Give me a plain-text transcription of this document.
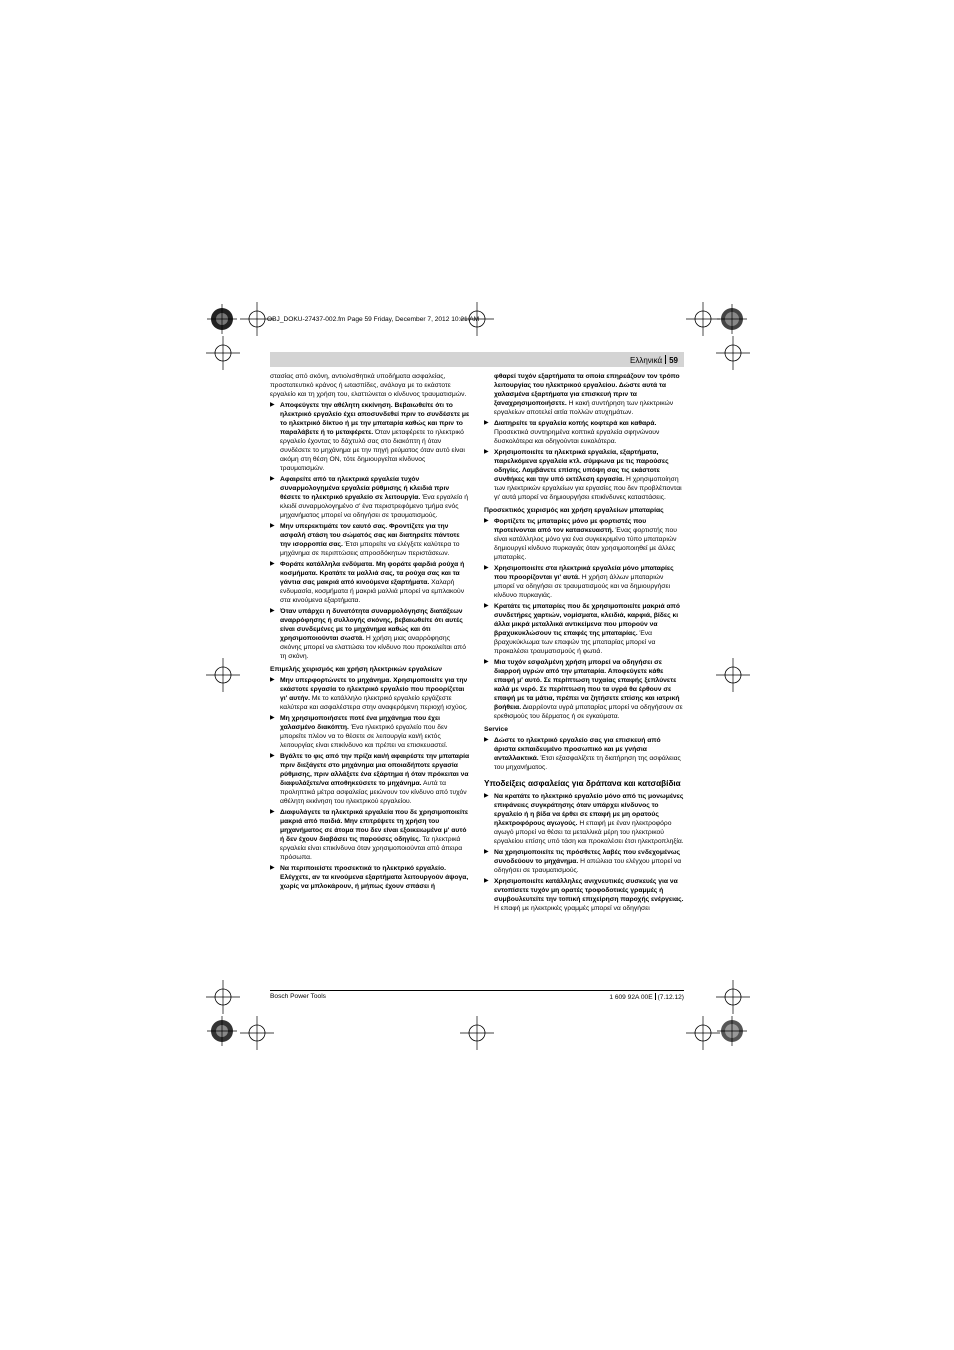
OBJ_DOKU-27437-002.fm Page 59 Friday, December 7, 2012 10:21 AM
Ελληνικά 59
στασίας από σκόνη, αντιολισθητικά υποδήματα ασφαλείας, προστατευτικό κράνος ή ωτασπίδες, ανάλογα με το εκάστοτε εργαλείο και τη χρήση του, ελαττώνεται ο κίνδυνος τραυματισμών.
▶ Αποφεύγετε την αθέλητη εκκίνηση. Βεβαιωθείτε ότι το ηλεκτρικό εργαλείο έχει αποσυνδεθεί πριν το συνδέσετε με το ηλεκτρικό δίκτυο ή με την μπαταρία καθώς και πριν το παραλάβετε ή το μεταφέρετε. Όταν μεταφέρετε το ηλεκτρικό εργαλείο έχοντας το δάχτυλό σας στο διακόπτη ή όταν συνδέσετε το μηχάνημα με την πηγή ρεύματος όταν αυτό είναι ακόμη στη θέση ON, τότε δημιουργείται κίνδυνος τραυματισμών.
▶ Αφαιρείτε από τα ηλεκτρικά εργαλεία τυχόν συναρμολογημένα εργαλεία ρύθμισης ή κλειδιά πριν θέσετε το ηλεκτρικό εργαλείο σε λειτουργία. Ένα εργαλείο ή κλειδί συναρμολογημένο σ' ένα περιστρεφόμενο τμήμα ενός μηχανήματος μπορεί να οδηγήσει σε τραυματισμούς.
▶ Μην υπερεκτιμάτε τον εαυτό σας. Φροντίζετε για την ασφαλή στάση του σώματός σας και διατηρείτε πάντοτε την ισορροπία σας. Έτσι μπορείτε να ελέγξετε καλύτερα το μηχάνημα σε περιπτώσεις απροσδόκητων περιστάσεων.
▶ Φοράτε κατάλληλα ενδύματα. Μη φοράτε φαρδιά ρούχα ή κοσμήματα. Κρατάτε τα μαλλιά σας, τα ρούχα σας και τα γάντια σας μακριά από κινούμενα εξαρτήματα. Χαλαρή ενδυμασία, κοσμήματα ή μακριά μαλλιά μπορεί να εμπλακούν στα κινούμενα εξαρτήματα.
▶ Όταν υπάρχει η δυνατότητα συναρμολόγησης διατάξεων αναρρόφησης ή συλλογής σκόνης, βεβαιωθείτε ότι αυτές είναι συνδεμένες με το μηχάνημα καθώς και ότι χρησιμοποιούνται σωστά. Η χρήση μιας αναρρόφησης σκόνης μπορεί να ελαττώσει τον κίνδυνο που προκαλείται από τη σκόνη.
Επιμελής χειρισμός και χρήση ηλεκτρικών εργαλείων
▶ Μην υπερφορτώνετε το μηχάνημα. Χρησιμοποιείτε για την εκάστοτε εργασία το ηλεκτρικό εργαλείο που προορίζεται γι' αυτήν. Με το κατάλληλο ηλεκτρικό εργαλείο εργάζεστε καλύτερα και ασφαλέστερα στην αναφερόμενη περιοχή ισχύος.
▶ Μη χρησιμοποιήσετε ποτέ ένα μηχάνημα που έχει χαλασμένο διακόπτη. Ένα ηλεκτρικό εργαλείο που δεν μπορείτε πλέον να το θέσετε σε λειτουργία και/ή εκτός λειτουργίας είναι επικίνδυνο και πρέπει να επισκευαστεί.
▶ Βγάλτε το φις από την πρίζα και/ή αφαιρέστε την μπαταρία πριν διεξάγετε στο μηχάνημα μια οποιαδήποτε εργασία ρύθμισης, πριν αλλάξετε ένα εξάρτημα ή όταν πρόκειται να διαφυλάξετε/να αποθηκεύσετε το μηχάνημα. Αυτά τα προληπτικά μέτρα ασφαλείας μειώνουν τον κίνδυνο από τυχόν αθέλητη εκκίνηση του ηλεκτρικού εργαλείου.
▶ Διαφυλάγετε τα ηλεκτρικά εργαλεία που δε χρησιμοποιείτε μακριά από παιδιά. Μην επιτρέψετε τη χρήση του μηχανήματος σε άτομα που δεν είναι εξοικειωμένα μ' αυτό ή δεν έχουν διαβάσει τις παρούσες οδηγίες. Τα ηλεκτρικά εργαλεία είναι επικίνδυνα όταν χρησιμοποιούνται από άπειρα πρόσωπα.
▶ Να περιποιείστε προσεκτικά το ηλεκτρικό εργαλείο. Ελέγχετε, αν τα κινούμενα εξαρτήματα λειτουργούν άψογα, χωρίς να μπλοκάρουν, ή μήπως έχουν σπάσει ή
φθαρεί τυχόν εξαρτήματα τα οποία επηρεάζουν τον τρόπο λειτουργίας του ηλεκτρικού εργαλείου. Δώστε αυτά τα χαλασμένα εξαρτήματα για επισκευή πριν τα ξαναχρησιμοποιήσετε. Η κακή συντήρηση των ηλεκτρικών εργαλείων αποτελεί αιτία πολλών ατυχημάτων.
▶ Διατηρείτε τα εργαλεία κοπής κοφτερά και καθαρά. Προσεκτικά συντηρημένα κοπτικά εργαλεία σφηνώνουν δυσκολότερα και οδηγούνται ευκολότερα.
▶ Χρησιμοποιείτε τα ηλεκτρικά εργαλεία, εξαρτήματα, παρελκόμενα εργαλεία κτλ. σύμφωνα με τις παρούσες οδηγίες. Λαμβάνετε επίσης υπόψη σας τις εκάστοτε συνθήκες και την υπό εκτέλεση εργασία. Η χρησιμοποίηση των ηλεκτρικών εργαλείων για εργασίες που δεν προβλέπονται γι' αυτά μπορεί να δημιουργήσει επικίνδυνες καταστάσεις.
Προσεκτικός χειρισμός και χρήση εργαλείων μπαταρίας
▶ Φορτίζετε τις μπαταρίες μόνο με φορτιστές που προτείνονται από τον κατασκευαστή. Ένας φορτιστής που είναι κατάλληλος μόνο για ένα συγκεκριμένο τύπο μπαταριών δημιουργεί κίνδυνο πυρκαγιάς όταν χρησιμοποιηθεί με άλλες μπαταρίες.
▶ Χρησιμοποιείτε στα ηλεκτρικά εργαλεία μόνο μπαταρίες που προορίζονται γι' αυτά. Η χρήση άλλων μπαταριών μπορεί να οδηγήσει σε τραυματισμούς και να δημιουργήσει κίνδυνο πυρκαγιάς.
▶ Κρατάτε τις μπαταρίες που δε χρησιμοποιείτε μακριά από συνδετήρες χαρτιών, νομίσματα, κλειδιά, καρφιά, βίδες κι άλλα μικρά μεταλλικά αντικείμενα που μπορούν να βραχυκυκλώσουν τις επαφές της μπαταρίας. Ένα βραχυκύκλωμα των επαφών της μπαταρίας μπορεί να προκαλέσει τραυματισμούς ή φωτιά.
▶ Μια τυχόν εσφαλμένη χρήση μπορεί να οδηγήσει σε διαρροή υγρών από την μπαταρία. Αποφεύγετε κάθε επαφή μ' αυτό. Σε περίπτωση τυχαίας επαφής ξεπλύνετε καλά με νερό. Σε περίπτωση που τα υγρά θα έρθουν σε επαφή με τα μάτια, πρέπει να ζητήσετε επίσης και ιατρική βοήθεια. Διαρρέοντα υγρά μπαταρίας μπορεί να οδηγήσουν σε ερεθισμούς του δέρματος ή σε εγκαύματα.
Service
▶ Δώστε το ηλεκτρικό εργαλείο σας για επισκευή από άριστα εκπαιδευμένο προσωπικό και με γνήσια ανταλλακτικά. Έτσι εξασφαλίζετε τη διατήρηση της ασφάλειας του μηχανήματος.
Υποδείξεις ασφαλείας για δράπανα και κατσαβίδια
▶ Να κρατάτε το ηλεκτρικό εργαλείο μόνο από τις μονωμένες επιφάνειες συγκράτησης όταν υπάρχει κίνδυνος το εργαλείο ή η βίδα να έρθει σε επαφή με μη ορατούς ηλεκτροφόρους αγωγούς. Η επαφή με έναν ηλεκτροφόρο αγωγό μπορεί να θέσει τα μεταλλικά μέρη του ηλεκτρικού εργαλείου επίσης υπό τάση και προκαλέσει έτσι ηλεκτροπληξία.
▶ Να χρησιμοποιείτε τις πρόσθετες λαβές που ενδεχομένως συνοδεύουν το μηχάνημα. Η απώλεια του ελέγχου μπορεί να οδηγήσει σε τραυματισμούς.
▶ Χρησιμοποιείτε κατάλληλες ανιχνευτικές συσκευές για να εντοπίσετε τυχόν μη ορατές τροφοδοτικές γραμμές ή συμβουλευτείτε την τοπική επιχείρηση παροχής ενέργειας. Η επαφή με ηλεκτρικές γραμμές μπορεί να οδηγήσει
Bosch Power Tools	1 609 92A 00E (7.12.12)
